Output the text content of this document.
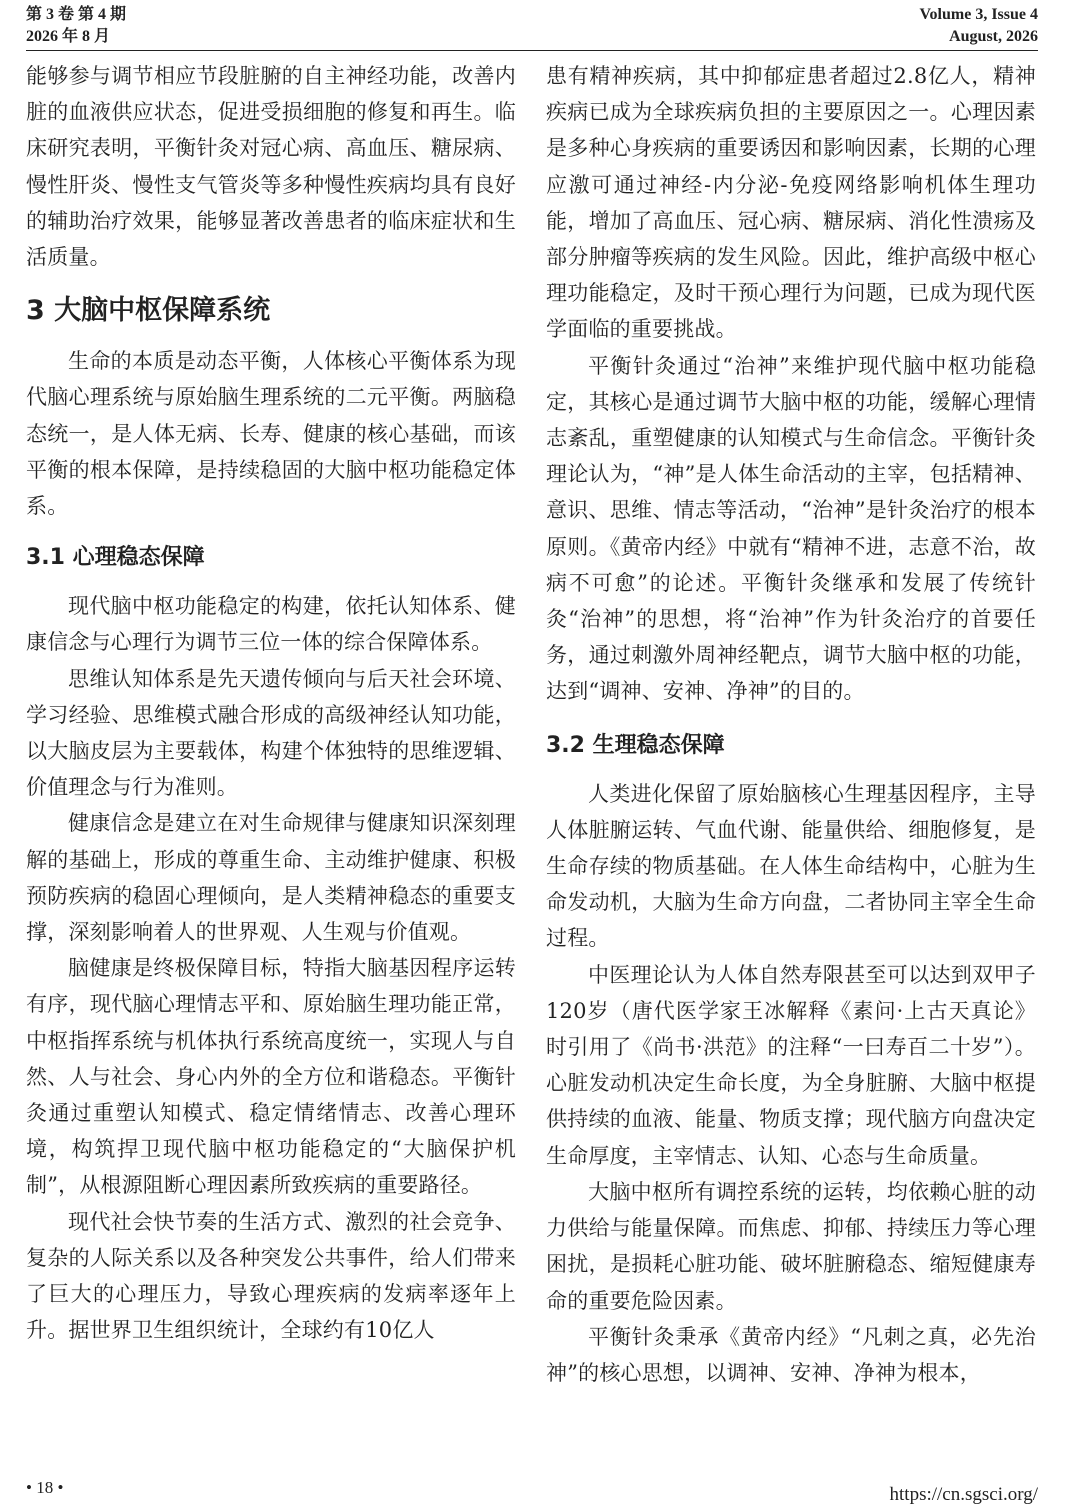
第 3 卷 第 4 期
2026 年 8 月
Volume 3, Issue 4
August, 2026

能够参与调节相应节段脏腑的自主神经功能，改善内脏的血液供应状态，促进受损细胞的修复和再生。临床研究表明，平衡针灸对冠心病、高血压、糖尿病、慢性肝炎、慢性支气管炎等多种慢性疾病均具有良好的辅助治疗效果，能够显著改善患者的临床症状和生活质量。

3 大脑中枢保障系统

生命的本质是动态平衡，人体核心平衡体系为现代脑心理系统与原始脑生理系统的二元平衡。两脑稳态统一，是人体无病、长寿、健康的核心基础，而该平衡的根本保障，是持续稳固的大脑中枢功能稳定体系。

3.1 心理稳态保障

现代脑中枢功能稳定的构建，依托认知体系、健康信念与心理行为调节三位一体的综合保障体系。

思维认知体系是先天遗传倾向与后天社会环境、学习经验、思维模式融合形成的高级神经认知功能，以大脑皮层为主要载体，构建个体独特的思维逻辑、价值理念与行为准则。

健康信念是建立在对生命规律与健康知识深刻理解的基础上，形成的尊重生命、主动维护健康、积极预防疾病的稳固心理倾向，是人类精神稳态的重要支撑，深刻影响着人的世界观、人生观与价值观。

脑健康是终极保障目标，特指大脑基因程序运转有序，现代脑心理情志平和、原始脑生理功能正常，中枢指挥系统与机体执行系统高度统一，实现人与自然、人与社会、身心内外的全方位和谐稳态。平衡针灸通过重塑认知模式、稳定情绪情志、改善心理环境，构筑捍卫现代脑中枢功能稳定的“大脑保护机制”，从根源阻断心理因素所致疾病的重要路径。

现代社会快节奏的生活方式、激烈的社会竞争、复杂的人际关系以及各种突发公共事件，给人们带来了巨大的心理压力，导致心理疾病的发病率逐年上升。据世界卫生组织统计，全球约有10亿人

患有精神疾病，其中抑郁症患者超过2.8亿人，精神疾病已成为全球疾病负担的主要原因之一。心理因素是多种心身疾病的重要诱因和影响因素，长期的心理应激可通过神经-内分泌-免疫网络影响机体生理功能，增加了高血压、冠心病、糖尿病、消化性溃疡及部分肿瘤等疾病的发生风险。因此，维护高级中枢心理功能稳定，及时干预心理行为问题，已成为现代医学面临的重要挑战。

平衡针灸通过“治神”来维护现代脑中枢功能稳定，其核心是通过调节大脑中枢的功能，缓解心理情志紊乱，重塑健康的认知模式与生命信念。平衡针灸理论认为，“神”是人体生命活动的主宰，包括精神、意识、思维、情志等活动，“治神”是针灸治疗的根本原则。《黄帝内经》中就有“精神不进，志意不治，故病不可愈”的论述。平衡针灸继承和发展了传统针灸“治神”的思想，将“治神”作为针灸治疗的首要任务，通过刺激外周神经靶点，调节大脑中枢的功能，达到“调神、安神、净神”的目的。

3.2 生理稳态保障

人类进化保留了原始脑核心生理基因程序，主导人体脏腑运转、气血代谢、能量供给、细胞修复，是生命存续的物质基础。在人体生命结构中，心脏为生命发动机，大脑为生命方向盘，二者协同主宰全生命过程。

中医理论认为人体自然寿限甚至可以达到双甲子120岁（唐代医学家王冰解释《素问·上古天真论》时引用了《尚书·洪范》的注释“一曰寿百二十岁”）。心脏发动机决定生命长度，为全身脏腑、大脑中枢提供持续的血液、能量、物质支撑；现代脑方向盘决定生命厚度，主宰情志、认知、心态与生命质量。

大脑中枢所有调控系统的运转，均依赖心脏的动力供给与能量保障。而焦虑、抑郁、持续压力等心理困扰，是损耗心脏功能、破坏脏腑稳态、缩短健康寿命的重要危险因素。

平衡针灸秉承《黄帝内经》“凡刺之真，必先治神”的核心思想，以调神、安神、净神为根本，

• 18 •	https://cn.sgsci.org/
